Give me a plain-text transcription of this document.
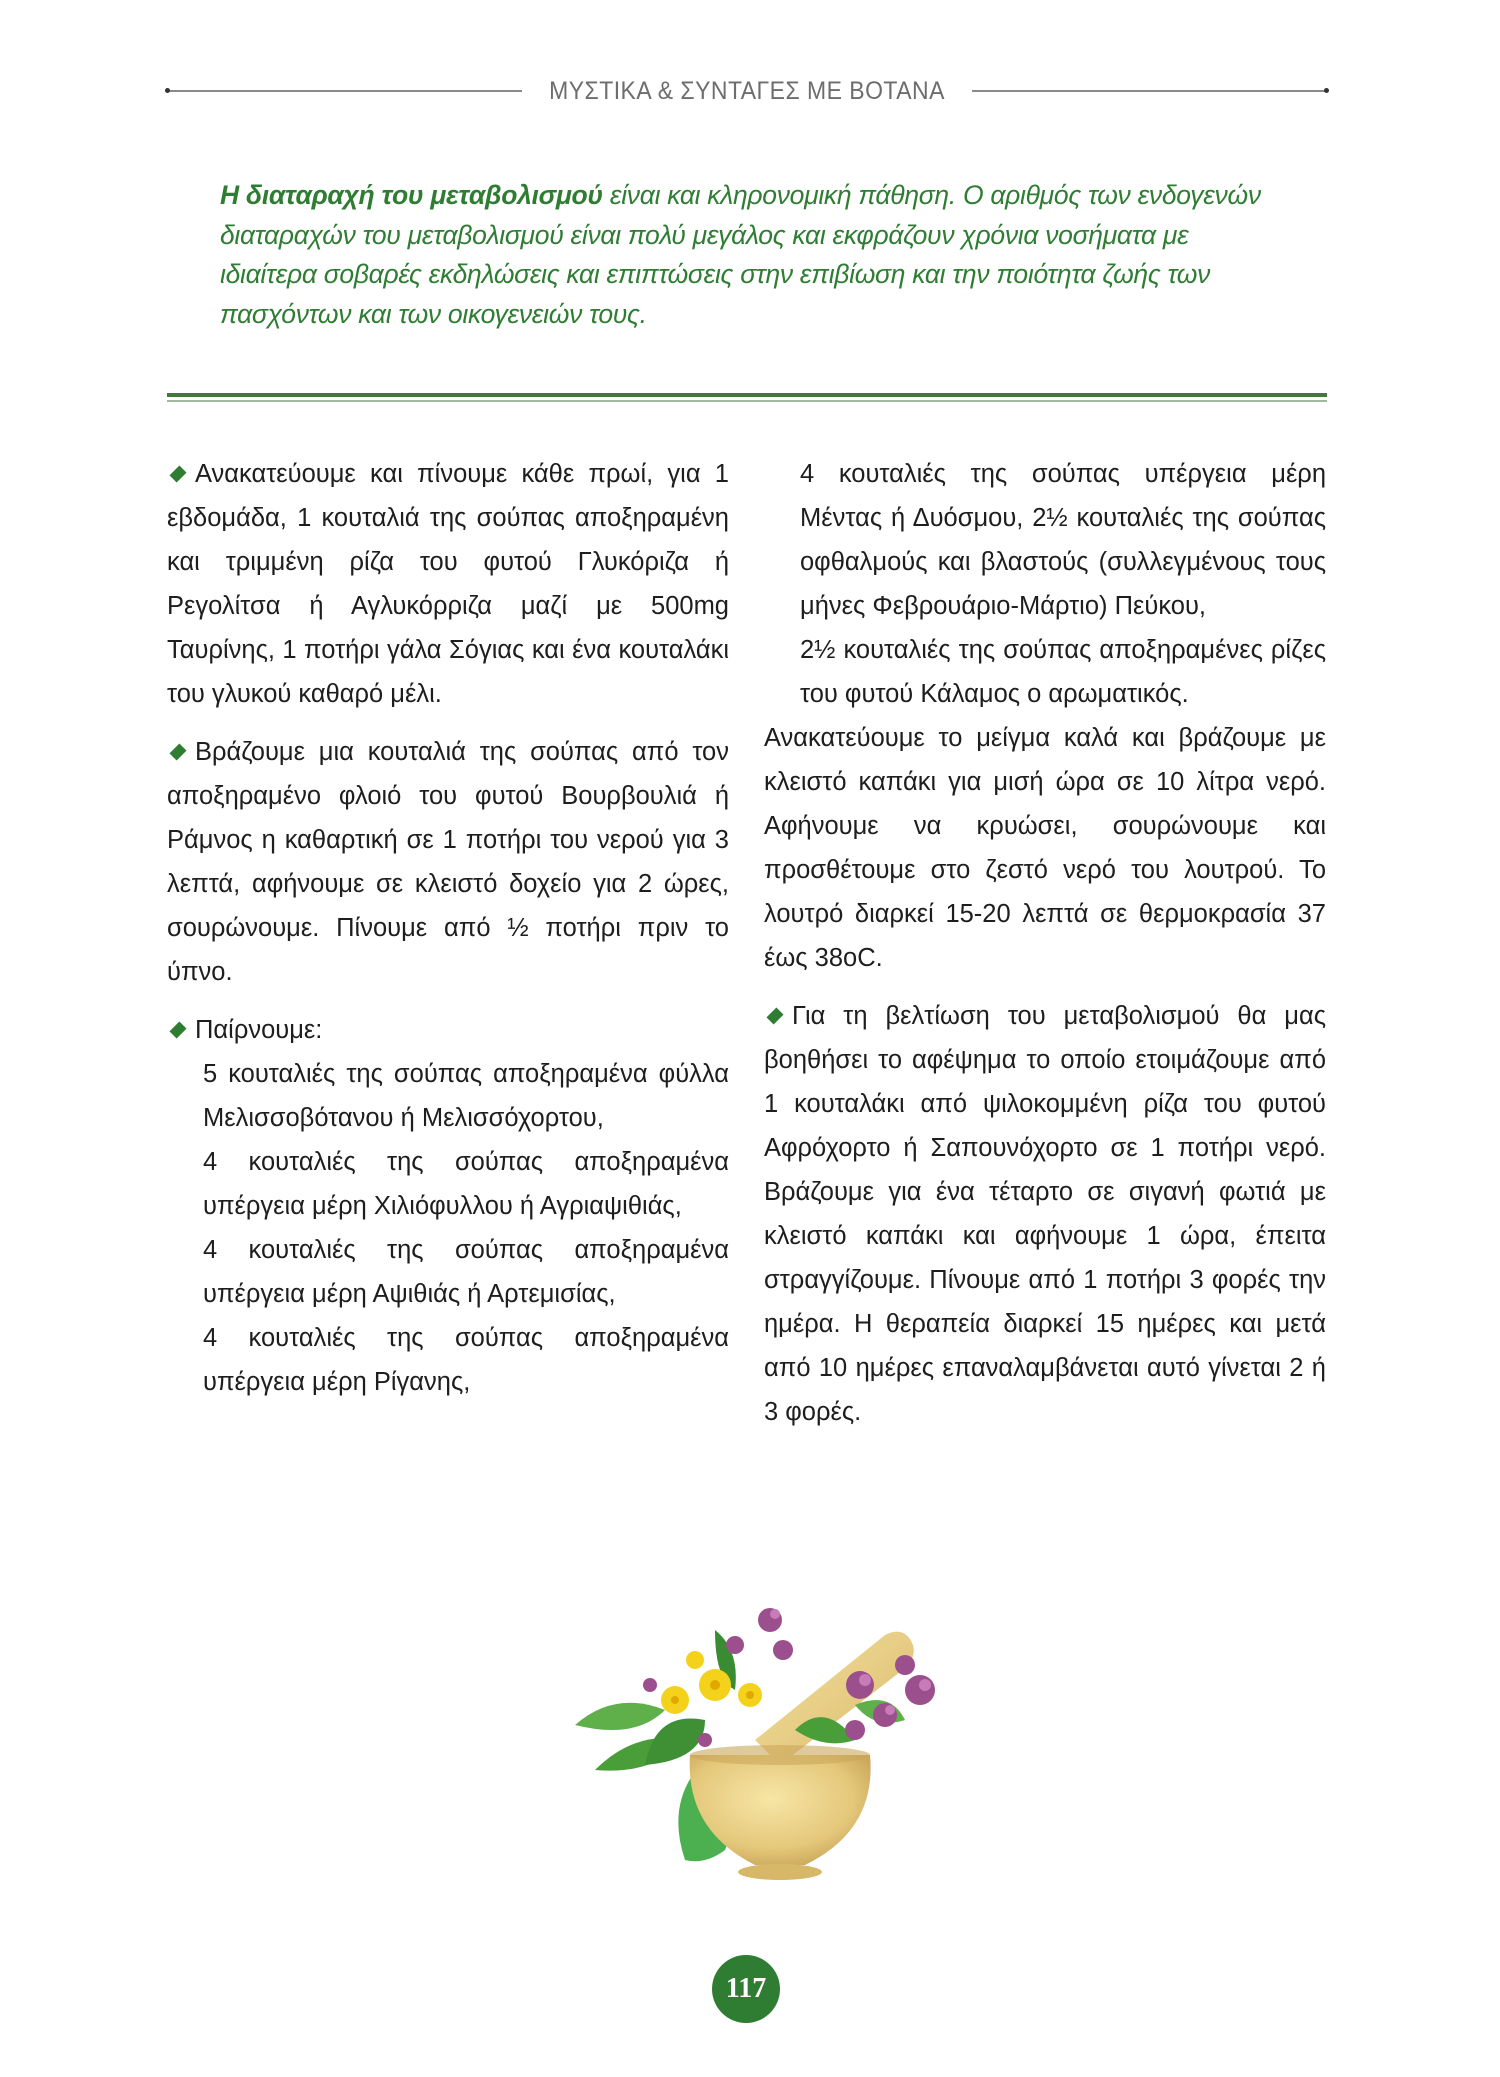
ΜΥΣΤΙΚΑ & ΣΥΝΤΑΓΕΣ ΜΕ ΒΟΤΑΝΑ
Η διαταραχή του μεταβολισμού είναι και κληρονομική πάθηση. Ο αριθμός των ενδογενών διαταραχών του μεταβολισμού είναι πολύ μεγάλος και εκφράζουν χρόνια νοσήματα με ιδιαίτερα σοβαρές εκδηλώσεις και επιπτώσεις στην επιβίωση και την ποιότητα ζωής των πασχόντων και των οικογενειών τους.

Ανακατεύουμε και πίνουμε κάθε πρωί, για 1 εβδομάδα, 1 κουταλιά της σούπας αποξηραμένη και τριμμένη ρίζα του φυτού Γλυκόριζα ή Ρεγολίτσα ή Αγλυκόρριζα μαζί με 500mg Ταυρίνης, 1 ποτήρι γάλα Σόγιας και ένα κουταλάκι του γλυκού καθαρό μέλι.

Βράζουμε μια κουταλιά της σούπας από τον αποξηραμένο φλοιό του φυτού Βουρβουλιά ή Ράμνος η καθαρτική σε 1 ποτήρι του νερού για 3 λεπτά, αφήνουμε σε κλειστό δοχείο για 2 ώρες, σουρώνουμε. Πίνουμε από ½ ποτήρι πριν το ύπνο.

Παίρνουμε:

5 κουταλιές της σούπας αποξηραμένα φύλλα Μελισσοβότανου ή Μελισσόχορτου,
4 κουταλιές της σούπας αποξηραμένα υπέργεια μέρη Χιλιόφυλλου ή Αγριαψιθιάς,
4 κουταλιές της σούπας αποξηραμένα υπέργεια μέρη Αψιθιάς ή Αρτεμισίας,
4 κουταλιές της σούπας αποξηραμένα υπέργεια μέρη Ρίγανης,
4 κουταλιές της σούπας υπέργεια μέρη Μέντας ή Δυόσμου, 2½ κουταλιές της σούπας οφθαλμούς και βλαστούς (συλλεγμένους τους μήνες Φεβρουάριο-Μάρτιο) Πεύκου,
2½ κουταλιές της σούπας αποξηραμένες ρίζες του φυτού Κάλαμος ο αρωματικός.

Ανακατεύουμε το μείγμα καλά και βράζουμε με κλειστό καπάκι για μισή ώρα σε 10 λίτρα νερό. Αφήνουμε να κρυώσει, σουρώνουμε και προσθέτουμε στο ζεστό νερό του λουτρού. Το λουτρό διαρκεί 15-20 λεπτά σε θερμοκρασία 37 έως 38oC.

Για τη βελτίωση του μεταβολισμού θα μας βοηθήσει το αφέψημα το οποίο ετοιμάζουμε από 1 κουταλάκι από ψιλοκομμένη ρίζα του φυτού Αφρόχορτο ή Σαπουνόχορτο σε 1 ποτήρι νερό. Βράζουμε για ένα τέταρτο σε σιγανή φωτιά με κλειστό καπάκι και αφήνουμε 1 ώρα, έπειτα στραγγίζουμε. Πίνουμε από 1 ποτήρι 3 φορές την ημέρα. Η θεραπεία διαρκεί 15 ημέρες και μετά από 10 ημέρες επαναλαμβάνεται αυτό γίνεται 2 ή 3 φορές.

117
